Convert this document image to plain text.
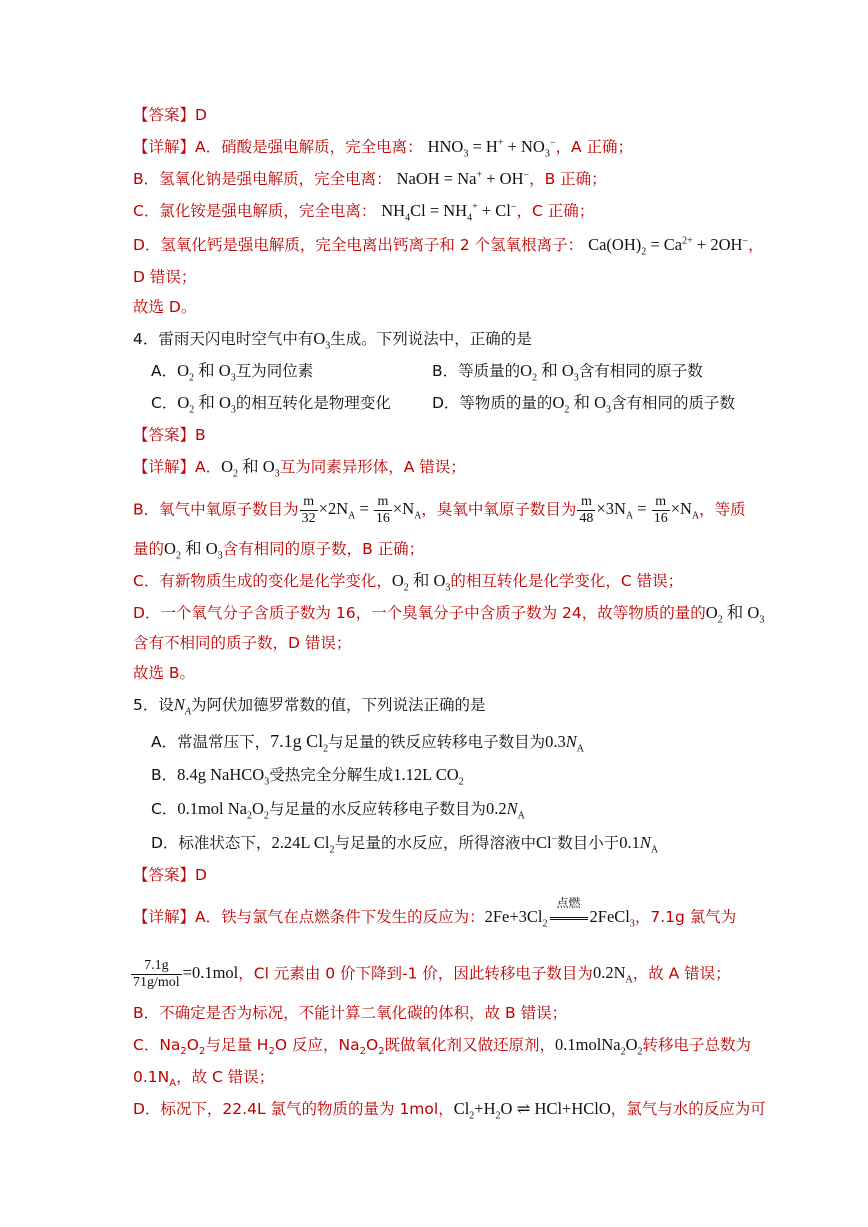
【答案】D
【详解】A．硝酸是强电解质，完全电离： $HNO_3 = H^+ + NO_3^-$，A 正确；
B．氢氧化钠是强电解质，完全电离： NaOH = Na+ + OH−，B 正确；
C．氯化铵是强电解质，完全电离： $NH_4Cl = NH_4^+ + Cl^-$，C 正确；
D．氢氧化钙是强电解质，完全电离出钙离子和 2 个氢氧根离子： $Ca(OH)_2 = Ca^{2+} + 2OH^-$，
D 错误；
故选 D。
4．雷雨天闪电时空气中有$O_3$生成。下列说法中，正确的是
A．$O_2$ 和 $O_3$互为同位素	B．等质量的$O_2$ 和 $O_3$含有相同的原子数
C．$O_2$ 和 $O_3$的相互转化是物理变化	D．等物质的量的$O_2$ 和 $O_3$含有相同的质子数
【答案】B
【详解】A．$O_2$ 和 $O_3$互为同素异形体，A 错误；
B．氧气中氧原子数目为 $\frac{m}{32} \times 2N_A = \frac{m}{16} \times N_A$，臭氧中氧原子数目为 $\frac{m}{48} \times 3N_A = \frac{m}{16} \times N_A$，等质
量的$O_2$ 和 $O_3$含有相同的原子数，B 正确；
C．有新物质生成的变化是化学变化，$O_2$ 和 $O_3$的相互转化是化学变化，C 错误；
D．一个氧气分子含质子数为 16，一个臭氧分子中含质子数为 24，故等物质的量的$O_2$ 和 $O_3$
含有不相同的质子数，D 错误；
故选 B。
5．设$N_A$为阿伏加德罗常数的值，下列说法正确的是
A．常温常压下，7.1g $Cl_2$与足量的铁反应转移电子数目为$0.3N_A$
B．8.4g NaHCO$_3$受热完全分解生成1.12L $CO_2$
C．0.1mol $Na_2O_2$与足量的水反应转移电子数目为$0.2N_A$
D．标准状态下，2.24L $Cl_2$与足量的水反应，所得溶液中Cl−数目小于$0.1N_A$
【答案】D
【详解】A．铁与氯气在点燃条件下发生的反应为：$2Fe+3Cl_2$
点燃
2FeCl$_3$，7.1g 氯气为
$\frac{7.1g}{\text{71g/mol}} =0.1mol$，Cl 元素由 0 价下降到-1 价，因此转移电子数目为$0.2N_A$，故 A 错误；
B．不确定是否为标况，不能计算二氧化碳的体积，故 B 错误；
C．$Na_2O_2$与足量 $H_2O$ 反应，$Na_2O_2$既做氧化剂又做还原剂，$0.1molNa_2O_2$转移电子总数为
$0.1N_A$，故 C 错误；
D．标况下，22.4L 氯气的物质的量为 1mol，$Cl_2+H_2O$ ⇌ HCl+HClO，氯气与水的反应为可
